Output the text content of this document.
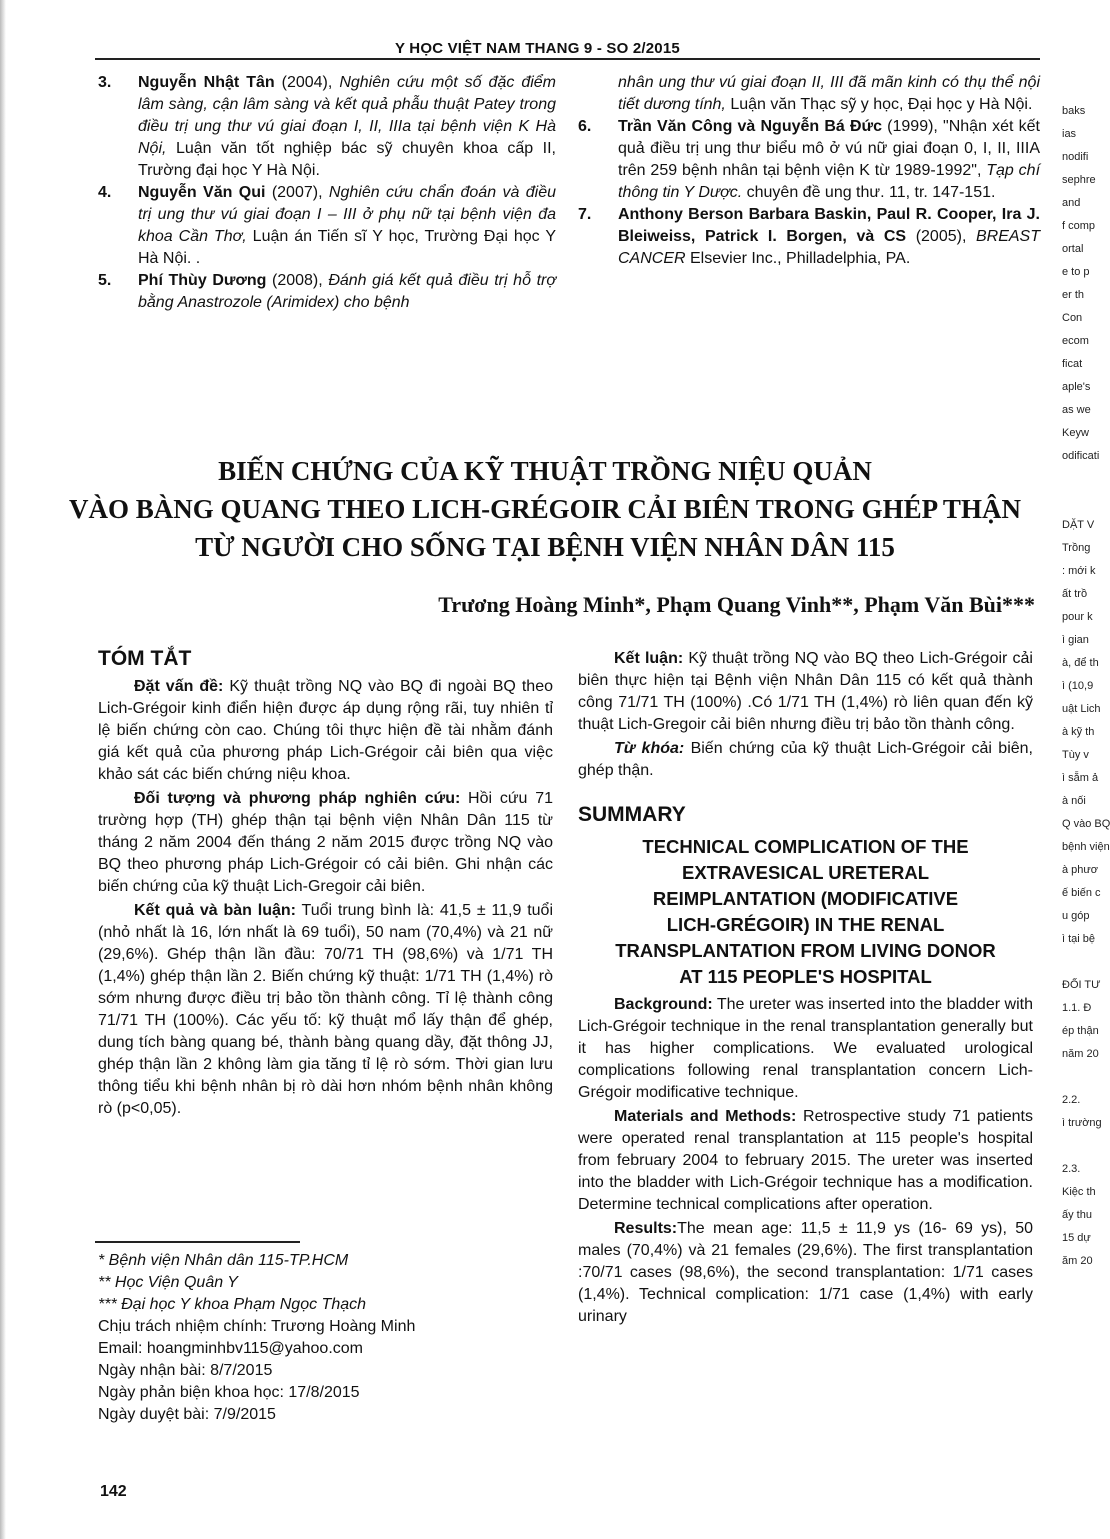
Y HỌC VIỆT NAM THANG 9 - SO 2/2015

3. Nguyễn Nhật Tân (2004), Nghiên cứu một số đặc điểm lâm sàng, cận lâm sàng và kết quả phẫu thuật Patey trong điều trị ung thư vú giai đoạn I, II, IIIa tại bệnh viện K Hà Nội, Luận văn tốt nghiệp bác sỹ chuyên khoa cấp II, Trường đại học Y Hà Nội.

4. Nguyễn Văn Qui (2007), Nghiên cứu chẩn đoán và điều trị ung thư vú giai đoạn I – III ở phụ nữ tại bệnh viện đa khoa Cần Thơ, Luận án Tiến sĩ Y học, Trường Đại học Y Hà Nội. .

5. Phí Thùy Dương (2008), Đánh giá kết quả điều trị hỗ trợ bằng Anastrozole (Arimidex) cho bệnh

nhân ung thư vú giai đoạn II, III đã mãn kinh có thụ thể nội tiết dương tính, Luận văn Thạc sỹ y học, Đại học y Hà Nội.

6. Trần Văn Công và Nguyễn Bá Đức (1999), "Nhận xét kết quả điều trị ung thư biểu mô ở vú nữ giai đoạn 0, I, II, IIIA trên 259 bệnh nhân tại bệnh viện K từ 1989-1992", Tạp chí thông tin Y Dược. chuyên đề ung thư. 11, tr. 147-151.

7. Anthony Berson Barbara Baskin, Paul R. Cooper, Ira J. Bleiweiss, Patrick I. Borgen, và CS (2005), BREAST CANCER Elsevier Inc., Philladelphia, PA.

BIẾN CHỨNG CỦA KỸ THUẬT TRỒNG NIỆU QUẢN
VÀO BÀNG QUANG THEO LICH-GRÉGOIR CẢI BIÊN TRONG GHÉP THẬN
TỪ NGƯỜI CHO SỐNG TẠI BỆNH VIỆN NHÂN DÂN 115
Trương Hoàng Minh*, Phạm Quang Vinh**, Phạm Văn Bùi***
TÓM TẮT

Đặt vấn đề: Kỹ thuật trồng NQ vào BQ đi ngoài BQ theo Lich-Grégoir kinh điển hiện được áp dụng rộng rãi, tuy nhiên tỉ lệ biến chứng còn cao. Chúng tôi thực hiện đề tài nhằm đánh giá kết quả của phương pháp Lich-Grégoir cải biên qua việc khảo sát các biến chứng niệu khoa.

Đối tượng và phương pháp nghiên cứu: Hồi cứu 71 trường hợp (TH) ghép thận tại bệnh viện Nhân Dân 115 từ tháng 2 năm 2004 đến tháng 2 năm 2015 được trồng NQ vào BQ theo phương pháp Lich-Grégoir có cải biên. Ghi nhận các biến chứng của kỹ thuật Lich-Gregoir cải biên.

Kết quả và bàn luận: Tuổi trung bình là: 41,5 ± 11,9 tuổi (nhỏ nhất là 16, lớn nhất là 69 tuổi), 50 nam (70,4%) và 21 nữ (29,6%). Ghép thận lần đầu: 70/71 TH (98,6%) và 1/71 TH (1,4%) ghép thận lần 2. Biến chứng kỹ thuật: 1/71 TH (1,4%) rò sớm nhưng được điều trị bảo tồn thành công. Tỉ lệ thành công 71/71 TH (100%). Các yếu tố: kỹ thuật mổ lấy thận để ghép, dung tích bàng quang bé, thành bàng quang dầy, đặt thông JJ, ghép thận lần 2 không làm gia tăng tỉ lệ rò sớm. Thời gian lưu thông tiểu khi bệnh nhân bị rò dài hơn nhóm bệnh nhân không rò (p<0,05).

Kết luận: Kỹ thuật trồng NQ vào BQ theo Lich-Grégoir cải biên thực hiện tại Bệnh viện Nhân Dân 115 có kết quả thành công 71/71 TH (100%) .Có 1/71 TH (1,4%) rò liên quan đến kỹ thuật Lich-Gregoir cải biên nhưng điều trị bảo tồn thành công.

Từ khóa: Biến chứng của kỹ thuật Lich-Grégoir cải biên, ghép thận.

SUMMARY
TECHNICAL COMPLICATION OF THE
EXTRAVESICAL URETERAL
REIMPLANTATION (MODIFICATIVE
LICH-GRÉGOIR) IN THE RENAL
TRANSPLANTATION FROM LIVING DONOR
AT 115 PEOPLE'S HOSPITAL

Background: The ureter was inserted into the bladder with Lich-Grégoir technique in the renal transplantation generally but it has higher complications. We evaluated urological complications following renal transplantation concern Lich-Grégoir modificative technique.

Materials and Methods: Retrospective study 71 patients were operated renal transplantation at 115 people's hospital from february 2004 to february 2015. The ureter was inserted into the bladder with Lich-Grégoir technique has a modification. Determine technical complications after operation.

Results:The mean age: 11,5 ± 11,9 ys (16- 69 ys), 50 males (70,4%) và 21 females (29,6%). The first transplantation :70/71 cases (98,6%), the second transplantation: 1/71 cases (1,4%). Technical complication: 1/71 case (1,4%) with early urinary

* Bệnh viện Nhân dân 115-TP.HCM
** Học Viện Quân Y
*** Đại học Y khoa Phạm Ngọc Thạch
Chịu trách nhiệm chính: Trương Hoàng Minh
Email: hoangminhbv115@yahoo.com
Ngày nhận bài: 8/7/2015
Ngày phản biện khoa học: 17/8/2015
Ngày duyệt bài: 7/9/2015
142
baks
ias
nodifi
sephre
and
f comp
ortal
e to p
er th
Con
ecom
ficat
aple's
as we
Keyw
odificati
DẶT V
Trồng
: mới k
ất trồ
pour k
ì gian
à, để th
ì (10,9
uật Lich
à kỹ th
Tùy v
ì sẵm ả
à nối
Q vào BQ
bệnh viện
à phươ
ế biến c
u góp
ì tại bệ
ĐỐI TƯ
1.1. Đ
ép thận
năm 20
2.2.
ì trường
2.3.
Kiệc th
ấy thu
15 dự
ăm 20
